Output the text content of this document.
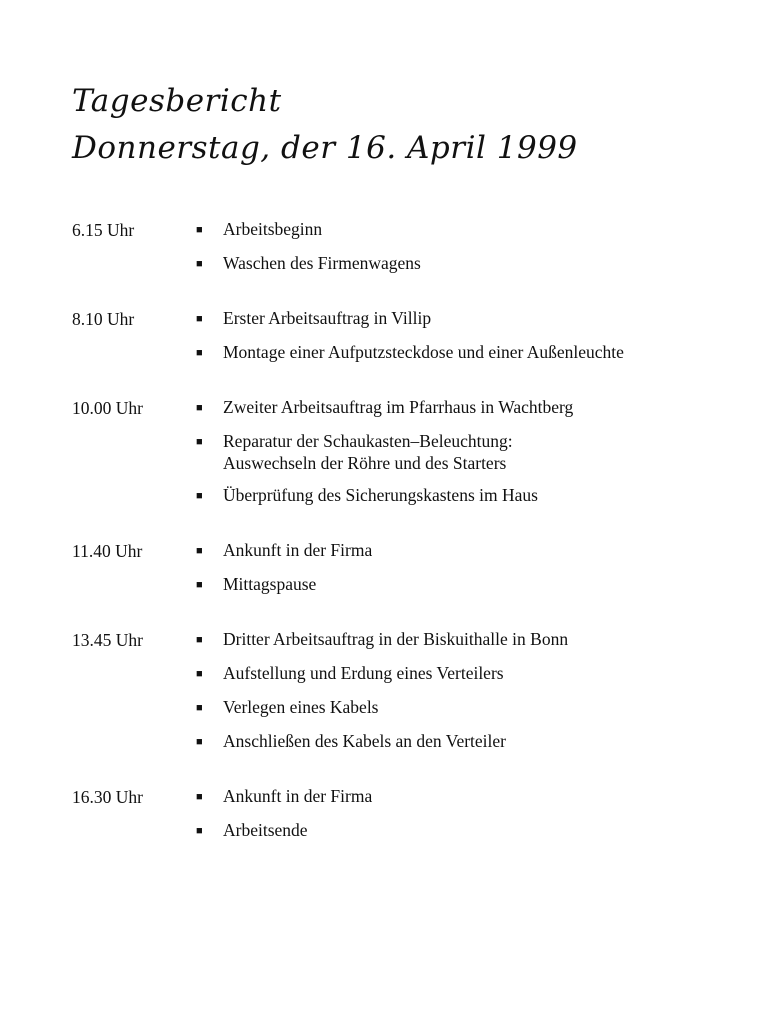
Tagesbericht
Donnerstag, der 16. April 1999
6.15 Uhr	■	Arbeitsbeginn
■	Waschen des Firmenwagens
8.10 Uhr	■	Erster Arbeitsauftrag in Villip
■	Montage einer Aufputzsteckdose und einer Außenleuchte
10.00 Uhr	■	Zweiter Arbeitsauftrag im Pfarrhaus in Wachtberg
■	Reparatur der Schaukasten–Beleuchtung:
Auswechseln der Röhre und des Starters
■	Überprüfung des Sicherungskastens im Haus
11.40 Uhr	■	Ankunft in der Firma
■	Mittagspause
13.45 Uhr	■	Dritter Arbeitsauftrag in der Biskuithalle in Bonn
■	Aufstellung und Erdung eines Verteilers
■	Verlegen eines Kabels
■	Anschließen des Kabels an den Verteiler
16.30 Uhr	■	Ankunft in der Firma
■	Arbeitsende
